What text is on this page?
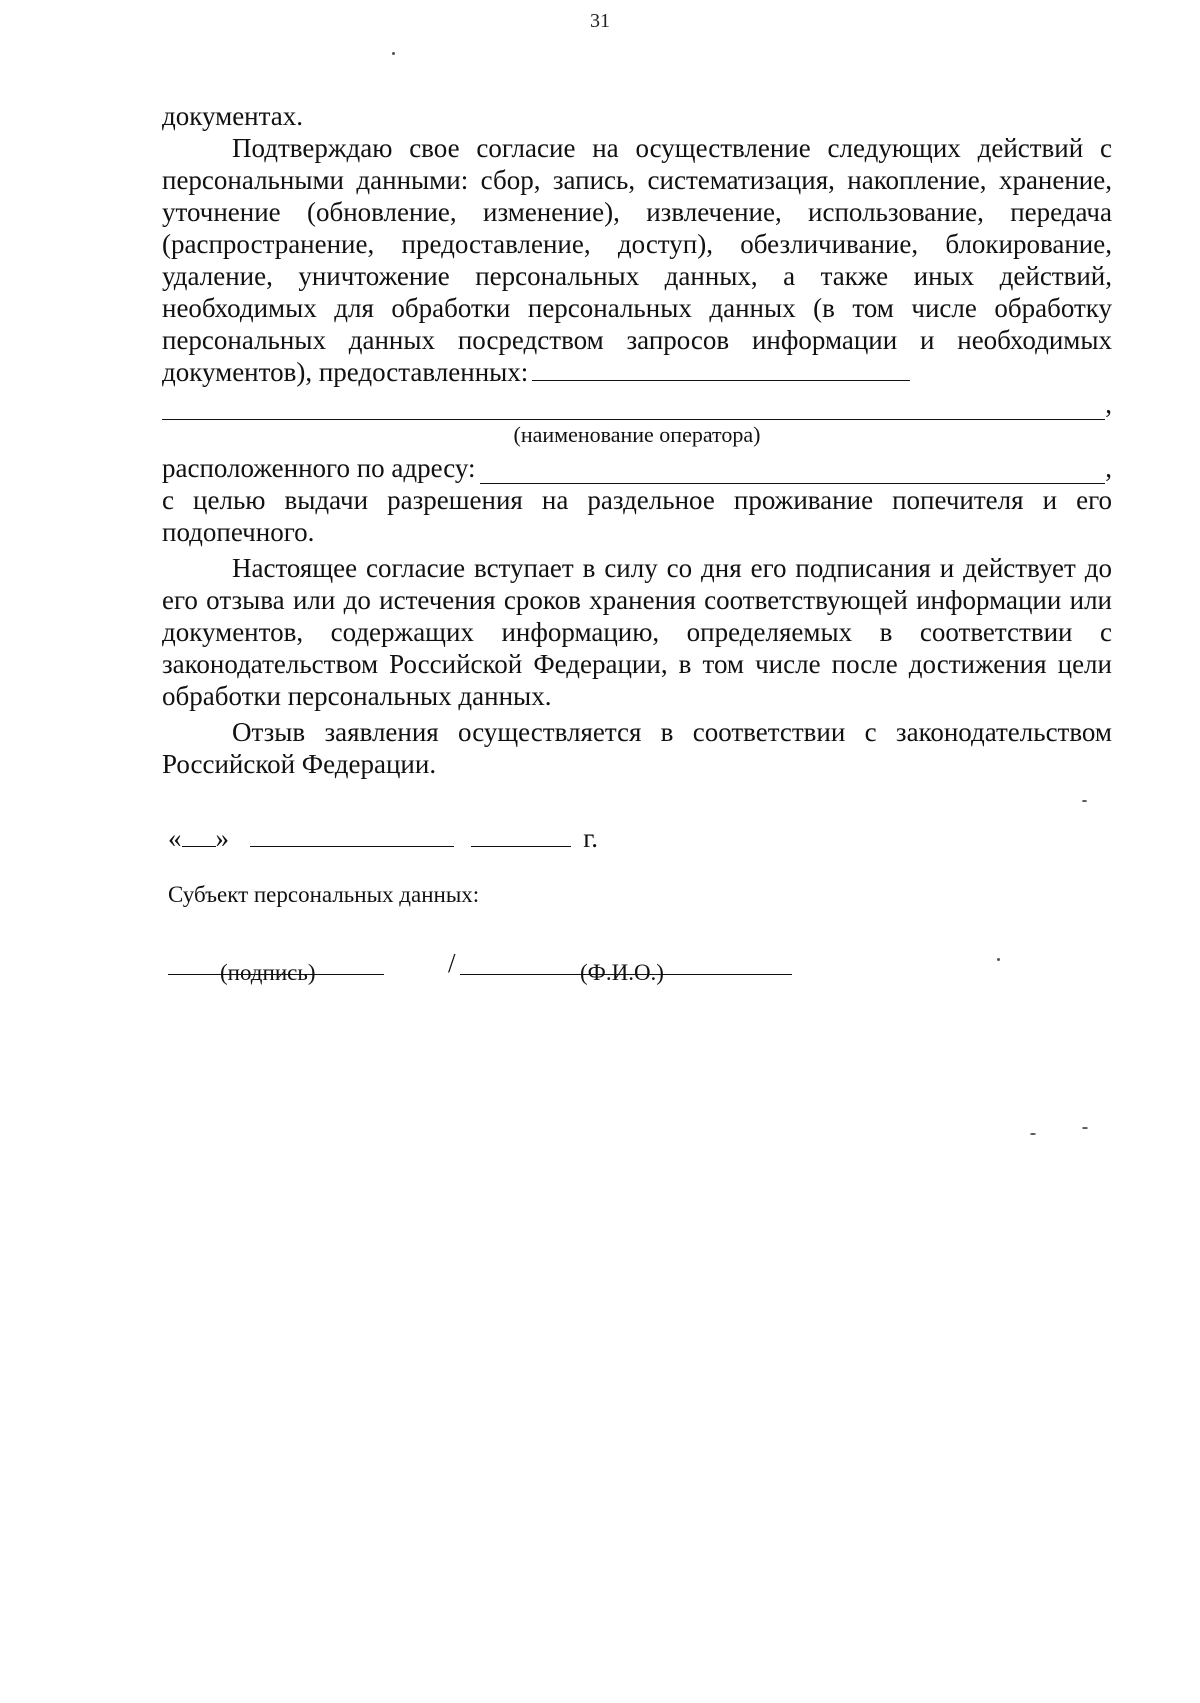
31

документах.

Подтверждаю свое согласие на осуществление следующих действий с персональными данными: сбор, запись, систематизация, накопление, хранение, уточнение (обновление, изменение), извлечение, использование, передача (распространение, предоставление, доступ), обезличивание, блокирование, удаление, уничтожение персональных данных, а также иных действий, необходимых для обработки персональных данных (в том числе обработку персональных данных посредством запросов информации и необходимых документов), предоставленных:

,

(наименование оператора)

расположенного по адресу:	,

с целью выдачи разрешения на раздельное проживание попечителя и его подопечного.

Настоящее согласие вступает в силу со дня его подписания и действует до его отзыва или до истечения сроков хранения соответствующей информации или документов, содержащих информацию, определяемых в соответствии с законодательством Российской Федерации, в том числе после достижения цели обработки персональных данных.

Отзыв заявления осуществляется в соответствии с законодательством Российской Федерации.

« »	г.
Субъект персональных данных:
/
(подпись)	(Ф.И.О.)
